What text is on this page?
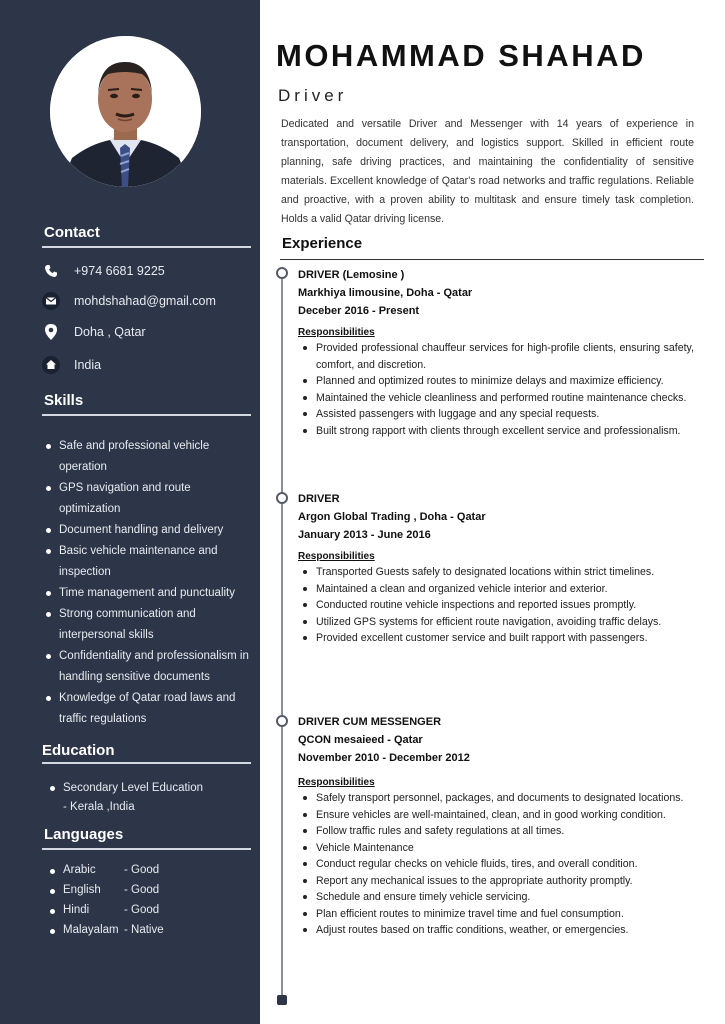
Contact
+974 6681 9225
mohdshahad@gmail.com
Doha , Qatar
India
Skills
Safe and professional vehicle operation
GPS navigation and route optimization
Document handling and delivery
Basic vehicle maintenance and inspection
Time management and punctuality
Strong communication and interpersonal skills
Confidentiality and professionalism in handling sensitive documents
Knowledge of Qatar road laws and traffic regulations
Education
Secondary Level Education
- Kerala ,India
Languages
Arabic - Good
English - Good
Hindi	- Good
Malayalam - Native
MOHAMMAD SHAHAD
Driver

Dedicated and versatile Driver and Messenger with 14 years of experience in transportation, document delivery, and logistics support. Skilled in efficient route planning, safe driving practices, and maintaining the confidentiality of sensitive materials. Excellent knowledge of Qatar's road networks and traffic regulations. Reliable and proactive, with a proven ability to multitask and ensure timely task completion. Holds a valid Qatar driving license.

Experience
DRIVER (Lemosine )
Markhiya limousine, Doha - Qatar
Deceber 2016 - Present
Responsibilities
Provided professional chauffeur services for high-profile clients, ensuring safety, comfort, and discretion.
Planned and optimized routes to minimize delays and maximize efficiency.
Maintained the vehicle cleanliness and performed routine maintenance checks.
Assisted passengers with luggage and any special requests.
Built strong rapport with clients through excellent service and professionalism.
DRIVER
Argon Global Trading , Doha - Qatar
January 2013 - June 2016
Responsibilities
Transported Guests safely to designated locations within strict timelines.
Maintained a clean and organized vehicle interior and exterior.
Conducted routine vehicle inspections and reported issues promptly.
Utilized GPS systems for efficient route navigation, avoiding traffic delays.
Provided excellent customer service and built rapport with passengers.
DRIVER CUM MESSENGER
QCON mesaieed - Qatar
November 2010 - December 2012
Responsibilities
Safely transport personnel, packages, and documents to designated locations.
Ensure vehicles are well-maintained, clean, and in good working condition.
Follow traffic rules and safety regulations at all times.
Vehicle Maintenance
Conduct regular checks on vehicle fluids, tires, and overall condition.
Report any mechanical issues to the appropriate authority promptly.
Schedule and ensure timely vehicle servicing.
Plan efficient routes to minimize travel time and fuel consumption.
Adjust routes based on traffic conditions, weather, or emergencies.
